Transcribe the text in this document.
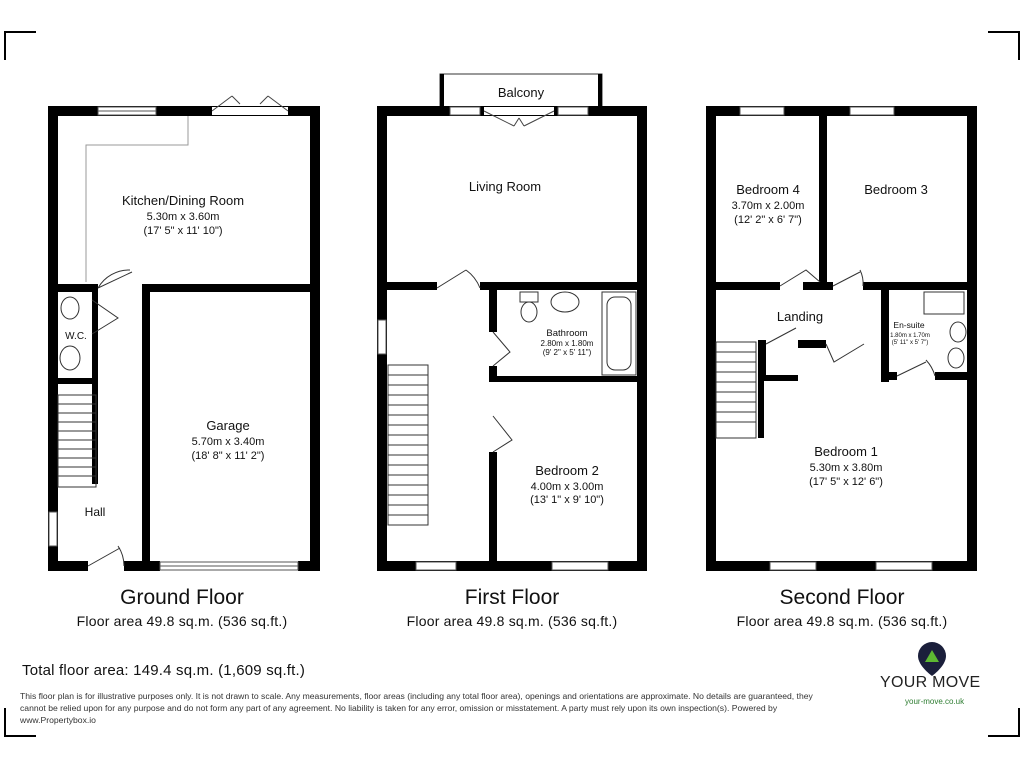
Kitchen/Dining Room
5.30m x 3.60m
(17' 5" x 11' 10")
W.C.
Garage
5.70m x 3.40m
(18' 8" x 11' 2")
Hall
Balcony
Living Room
Bathroom
2.80m x 1.80m
(9' 2" x 5' 11")
Bedroom 2
4.00m x 3.00m
(13' 1" x 9' 10")
Bedroom 4
3.70m x 2.00m
(12' 2" x 6' 7")
Bedroom 3
Landing
En-suite
1.80m x 1.70m
(5' 11" x 5' 7")
Bedroom 1
5.30m x 3.80m
(17' 5" x 12' 6")
Ground Floor
Floor area 49.8 sq.m. (536 sq.ft.)
First Floor
Floor area 49.8 sq.m. (536 sq.ft.)
Second Floor
Floor area 49.8 sq.m. (536 sq.ft.)
Total floor area: 149.4 sq.m. (1,609 sq.ft.)
This floor plan is for illustrative purposes only. It is not drawn to scale. Any measurements, floor areas (including any total floor area), openings and orientations are approximate. No details are guaranteed, they cannot be relied upon for any purpose and do not form any part of any agreement. No liability is taken for any error, omission or misstatement. A party must rely upon its own inspection(s). Powered by www.Propertybox.io
YOUR MOVE
your-move.co.uk
